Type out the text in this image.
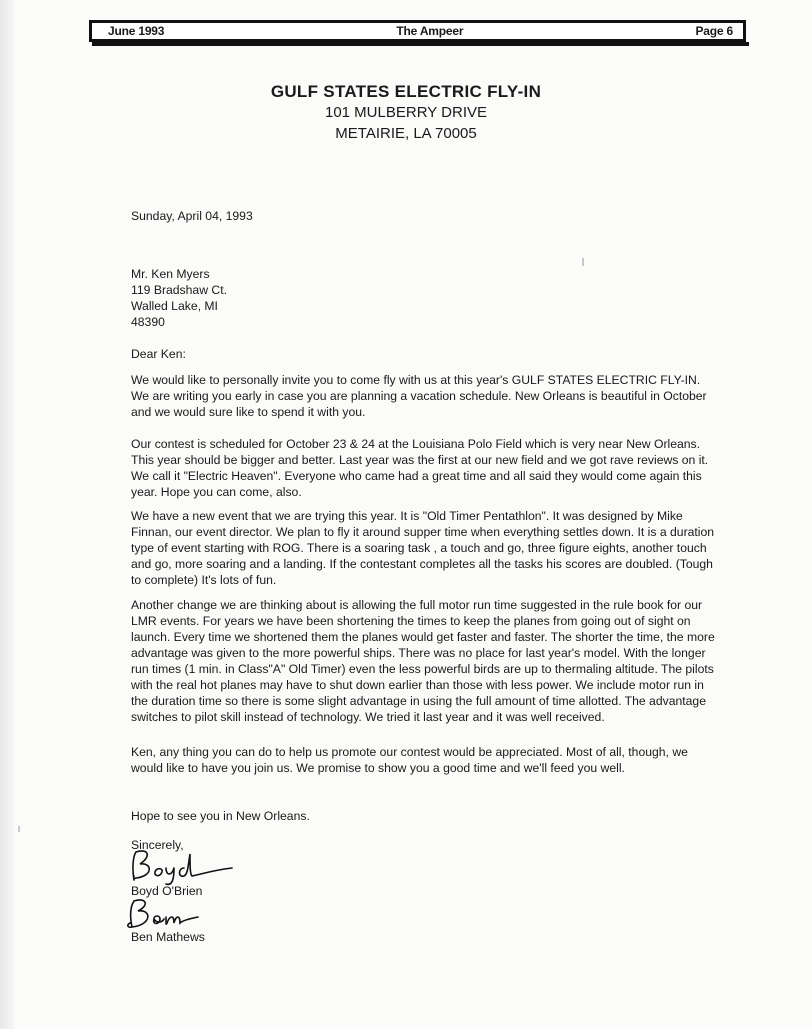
June 1993	The Ampeer	Page 6
GULF STATES ELECTRIC FLY-IN
101 MULBERRY DRIVE
METAIRIE, LA 70005
Sunday, April 04, 1993

Mr. Ken Myers

119 Bradshaw Ct.

Walled Lake, MI

48390

Dear Ken:
We would like to personally invite you to come fly with us at this year's GULF STATES ELECTRIC FLY-IN. We are writing you early in case you are planning a vacation schedule. New Orleans is beautiful in October and we would sure like to spend it with you.
Our contest is scheduled for October 23 & 24 at the Louisiana Polo Field which is very near New Orleans. This year should be bigger and better. Last year was the first at our new field and we got rave reviews on it. We call it "Electric Heaven". Everyone who came had a great time and all said they would come again this year. Hope you can come, also.
We have a new event that we are trying this year. It is "Old Timer Pentathlon". It was designed by Mike Finnan, our event director. We plan to fly it around supper time when everything settles down. It is a duration type of event starting with ROG. There is a soaring task , a touch and go, three figure eights, another touch and go, more soaring and a landing. If the contestant completes all the tasks his scores are doubled. (Tough to complete) It's lots of fun.
Another change we are thinking about is allowing the full motor run time suggested in the rule book for our LMR events. For years we have been shortening the times to keep the planes from going out of sight on launch. Every time we shortened them the planes would get faster and faster. The shorter the time, the more advantage was given to the more powerful ships. There was no place for last year's model. With the longer run times (1 min. in Class"A" Old Timer) even the less powerful birds are up to thermaling altitude. The pilots with the real hot planes may have to shut down earlier than those with less power. We include motor run in the duration time so there is some slight advantage in using the full amount of time allotted. The advantage switches to pilot skill instead of technology. We tried it last year and it was well received.
Ken, any thing you can do to help us promote our contest would be appreciated. Most of all, though, we would like to have you join us. We promise to show you a good time and we'll feed you well.
Hope to see you in New Orleans.
Sincerely,
Boyd O'Brien
Ben Mathews
